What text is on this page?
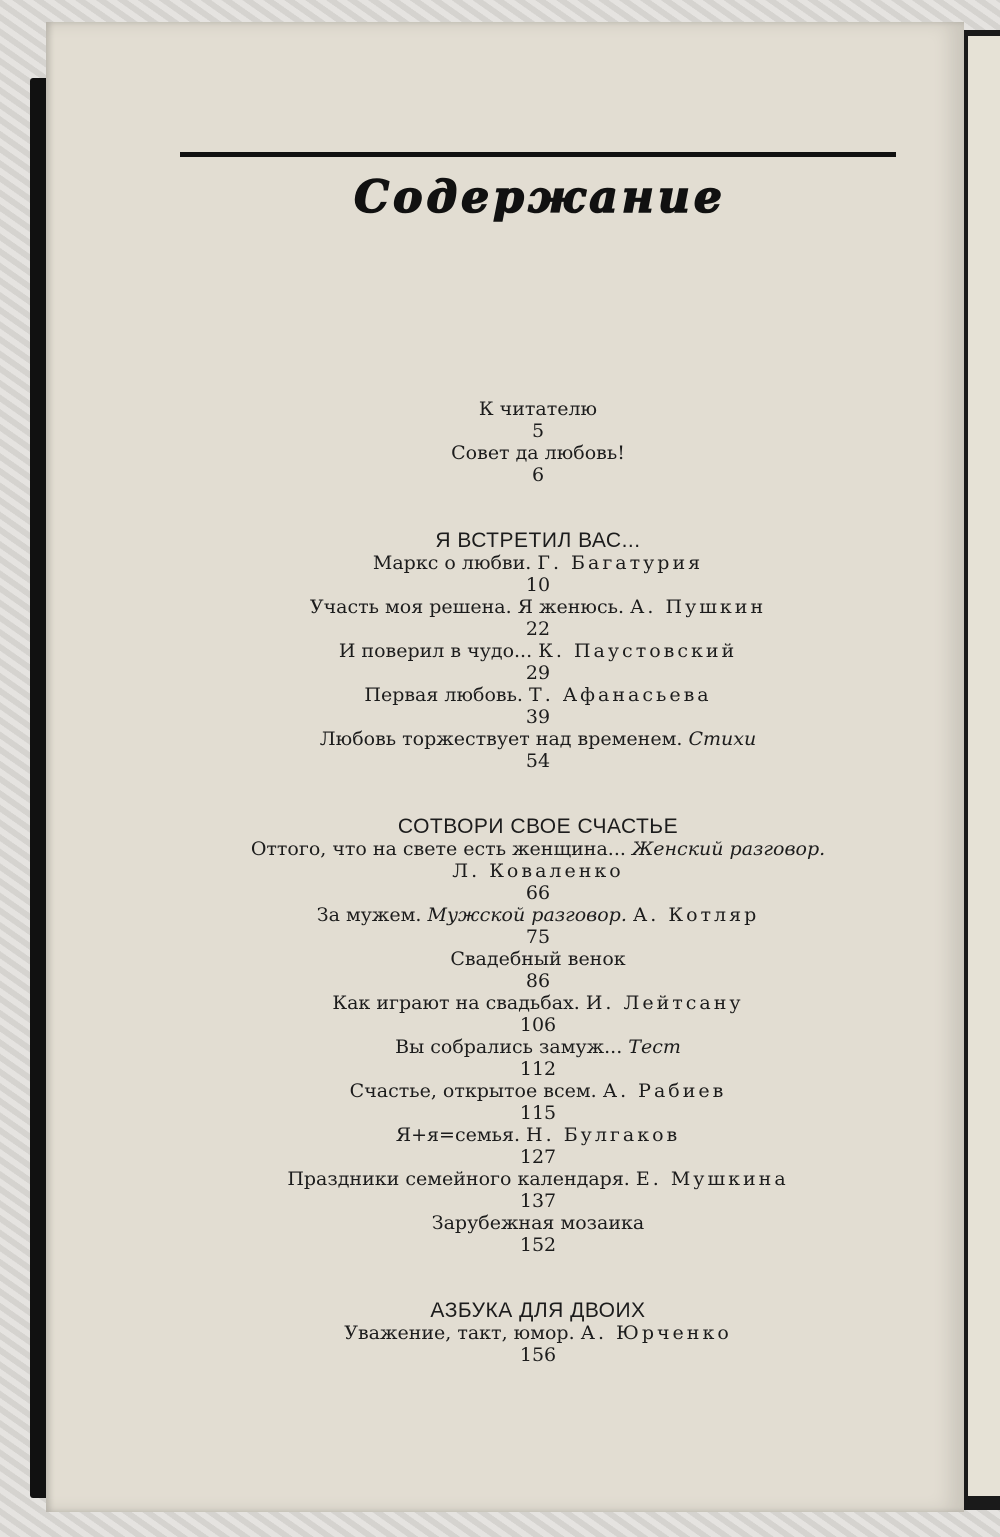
Содержание
К читателю
5
Совет да любовь!
6
Я ВСТРЕТИЛ ВАС...
Маркс о любви. Г. Багатурия
10
Участь моя решена. Я женюсь. А. Пушкин
22
И поверил в чудо... К. Паустовский
29
Первая любовь. Т. Афанасьева
39
Любовь торжествует над временем. Стихи
54
СОТВОРИ СВОЕ СЧАСТЬЕ
Оттого, что на свете есть женщина... Женский разговор.
Л. Коваленко
66
За мужем. Мужской разговор. А. Котляр
75
Свадебный венок
86
Как играют на свадьбах. И. Лейтсану
106
Вы собрались замуж... Тест
112
Счастье, открытое всем. А. Рабиев
115
Я+я=семья. Н. Булгаков
127
Праздники семейного календаря. Е. Мушкина
137
Зарубежная мозаика
152
АЗБУКА ДЛЯ ДВОИХ
Уважение, такт, юмор. А. Юрченко
156
